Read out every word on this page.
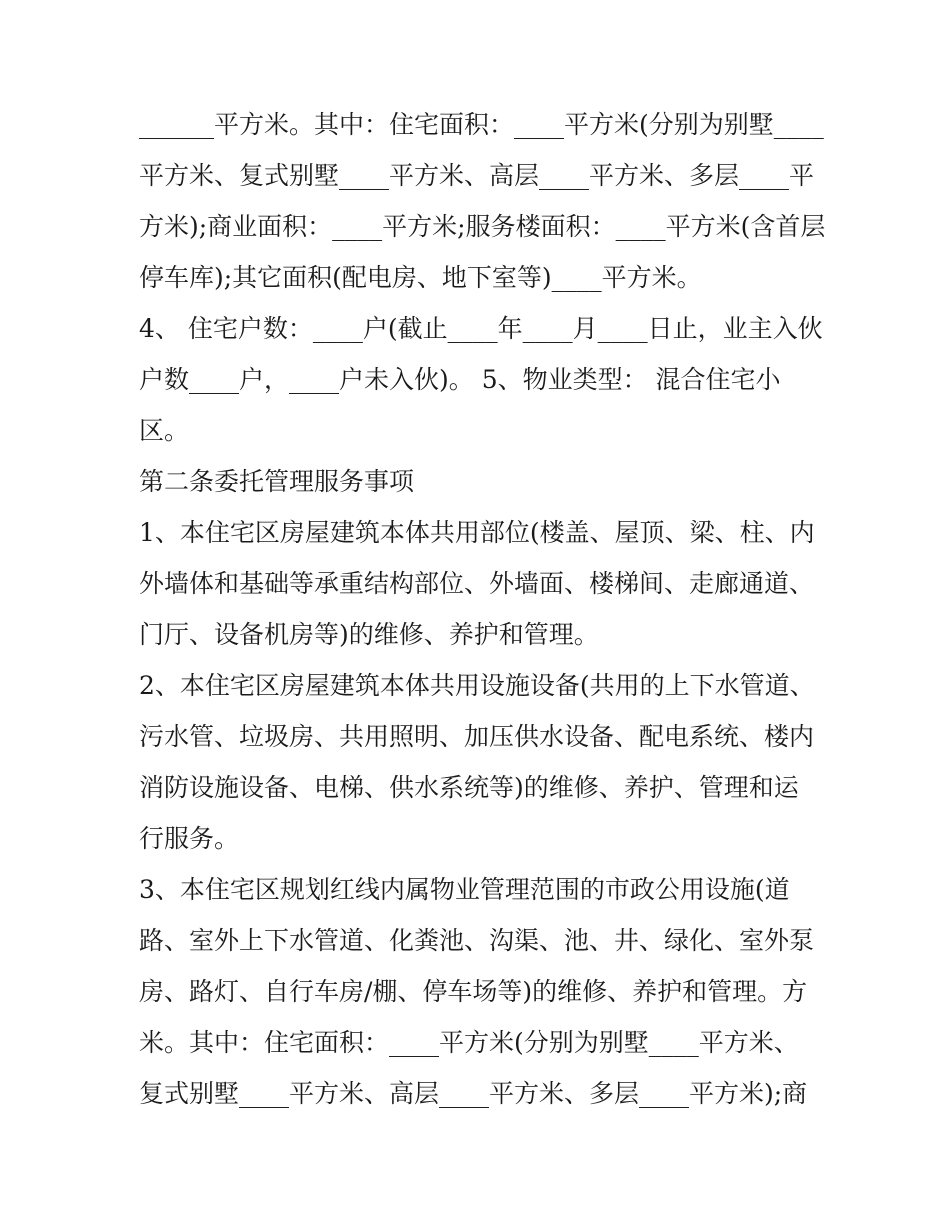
______平方米。其中：住宅面积：____平方米(分别为别墅____
平方米、复式别墅____平方米、高层____平方米、多层____平
方米);商业面积：____平方米;服务楼面积：____平方米(含首层
停车库);其它面积(配电房、地下室等)____平方米。
4、 住宅户数：____户(截止____年____月____日止，业主入伙
户数____户，____户未入伙)。 5、物业类型： 混合住宅小
区。
第二条委托管理服务事项
1、本住宅区房屋建筑本体共用部位(楼盖、屋顶、梁、柱、内
外墙体和基础等承重结构部位、外墙面、楼梯间、走廊通道、
门厅、设备机房等)的维修、养护和管理。
2、本住宅区房屋建筑本体共用设施设备(共用的上下水管道、
污水管、垃圾房、共用照明、加压供水设备、配电系统、楼内
消防设施设备、电梯、供水系统等)的维修、养护、管理和运
行服务。
3、本住宅区规划红线内属物业管理范围的市政公用设施(道
路、室外上下水管道、化粪池、沟渠、池、井、绿化、室外泵
房、路灯、自行车房/棚、停车场等)的维修、养护和管理。方
米。其中：住宅面积：____平方米(分别为别墅____平方米、
复式别墅____平方米、高层____平方米、多层____平方米);商
